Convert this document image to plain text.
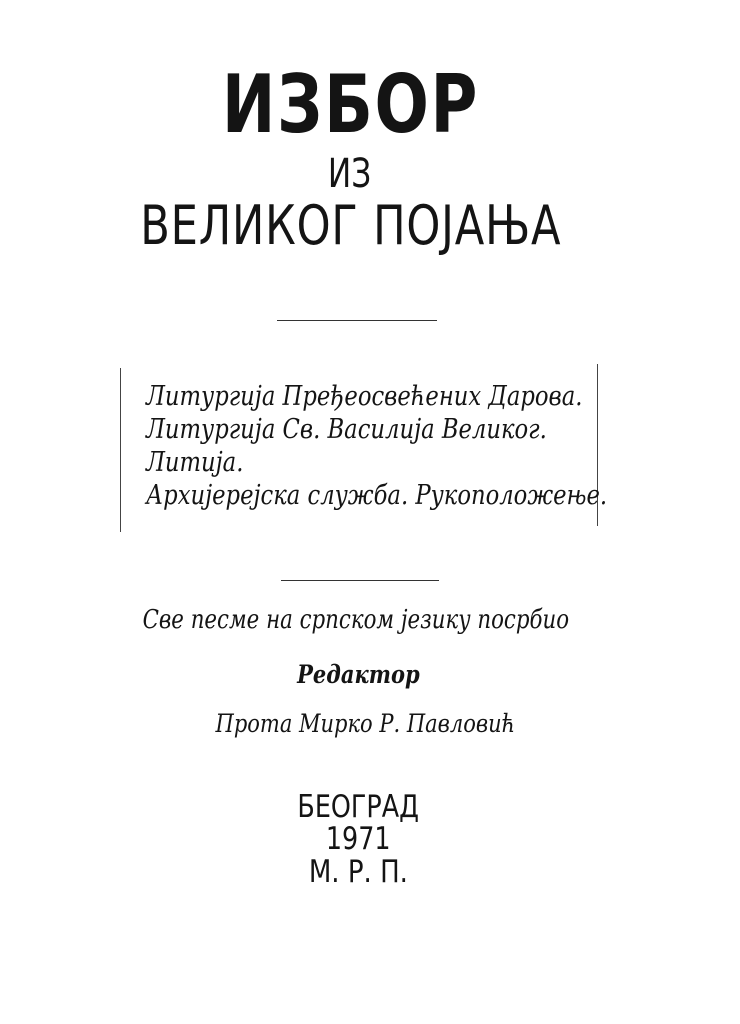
ИЗБОР
ИЗ
ВЕЛИКОГ ПОЈАЊА
Литургија Пређеосвећених Дарова.
Литургија Св. Василија Великог.
Литија.
Архијерејска служба. Рукоположење.
Све песме на српском језику посрбио
Редактор
Прота Мирко Р. Павловић
БЕОГРАД
1971
М. Р. П.
